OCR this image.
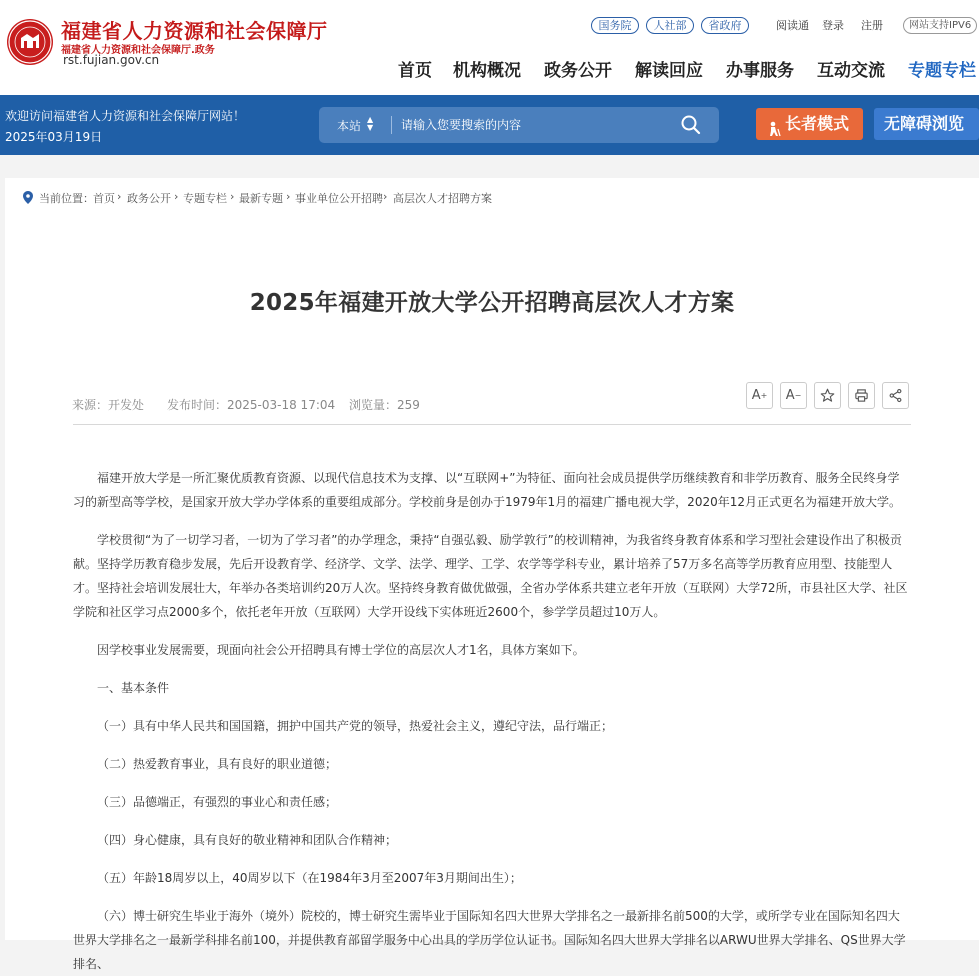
福建省人力资源和社会保障厅
福建省人力资源和社会保障厅.政务
rst.fujian.gov.cn
国务院	人社部	省政府	阅读通 登录 注册	网站支持IPV6
首页 机构概况 政务公开 解读回应 办事服务 互动交流 专题专栏
欢迎访问福建省人力资源和社会保障厅网站！
2025年03月19日
本站 ▲
▼
请输入您要搜索的内容	长者模式	无障碍浏览
当前位置： 首页 › 政务公开 › 专题专栏 › 最新专题 › 事业单位公开招聘 › 高层次人才招聘方案
2025年福建开放大学公开招聘高层次人才方案
来源：开发处 发布时间：2025-03-18 17:04 浏览量：259
A +	A −

福建开放大学是一所汇聚优质教育资源、以现代信息技术为支撑、以“互联网+”为特征、面向社会成员提供学历继续教育和非学历教育、服务全民终身学习的新型高等学校，是国家开放大学办学体系的重要组成部分。学校前身是创办于1979年1月的福建广播电视大学，2020年12月正式更名为福建开放大学。

学校贯彻“为了一切学习者，一切为了学习者”的办学理念，秉持“自强弘毅、励学敦行”的校训精神，为我省终身教育体系和学习型社会建设作出了积极贡献。坚持学历教育稳步发展，先后开设教育学、经济学、文学、法学、理学、工学、农学等学科专业，累计培养了57万多名高等学历教育应用型、技能型人才。坚持社会培训发展壮大，年举办各类培训约20万人次。坚持终身教育做优做强，全省办学体系共建立老年开放（互联网）大学72所，市县社区大学、社区学院和社区学习点2000多个，依托老年开放（互联网）大学开设线下实体班近2600个，参学学员超过10万人。

因学校事业发展需要，现面向社会公开招聘具有博士学位的高层次人才1名，具体方案如下。

一、基本条件

（一）具有中华人民共和国国籍，拥护中国共产党的领导，热爱社会主义，遵纪守法，品行端正；

（二）热爱教育事业，具有良好的职业道德；

（三）品德端正，有强烈的事业心和责任感；

（四）身心健康，具有良好的敬业精神和团队合作精神；

（五）年龄18周岁以上，40周岁以下（在1984年3月至2007年3月期间出生）；

（六）博士研究生毕业于海外（境外）院校的，博士研究生需毕业于国际知名四大世界大学排名之一最新排名前500的大学，或所学专业在国际知名四大世界大学排名之一最新学科排名前100，并提供教育部留学服务中心出具的学历学位认证书。国际知名四大世界大学排名以ARWU世界大学排名、QS世界大学排名、
